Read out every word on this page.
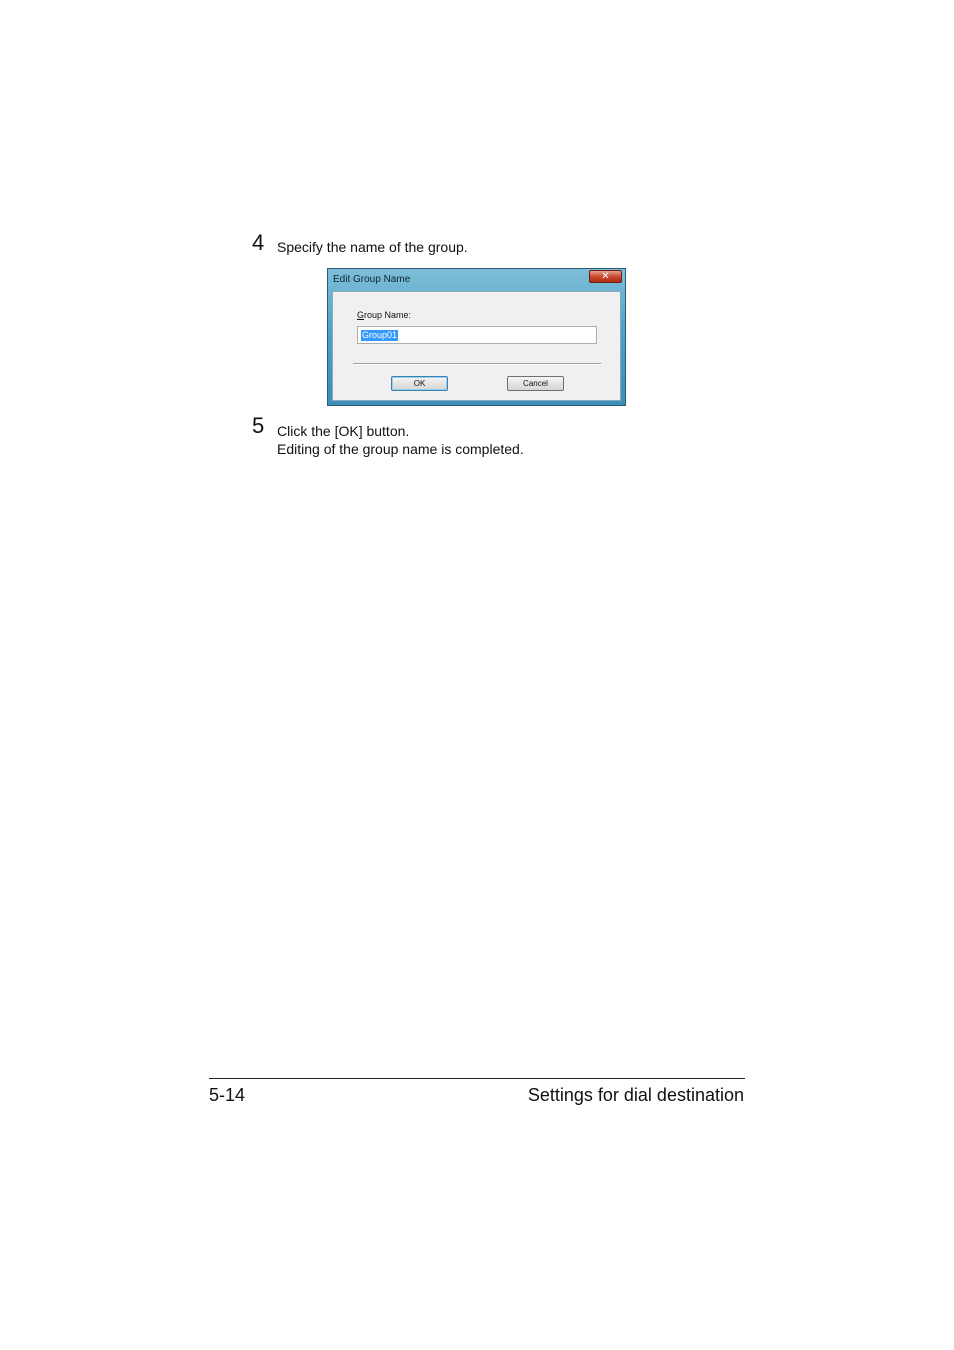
4 Specify the name of the group.
Edit Group Name	✕
Group Name:
Group01
OK	Cancel
5 Click the [OK] button.
Editing of the group name is completed.
5-14	Settings for dial destination
